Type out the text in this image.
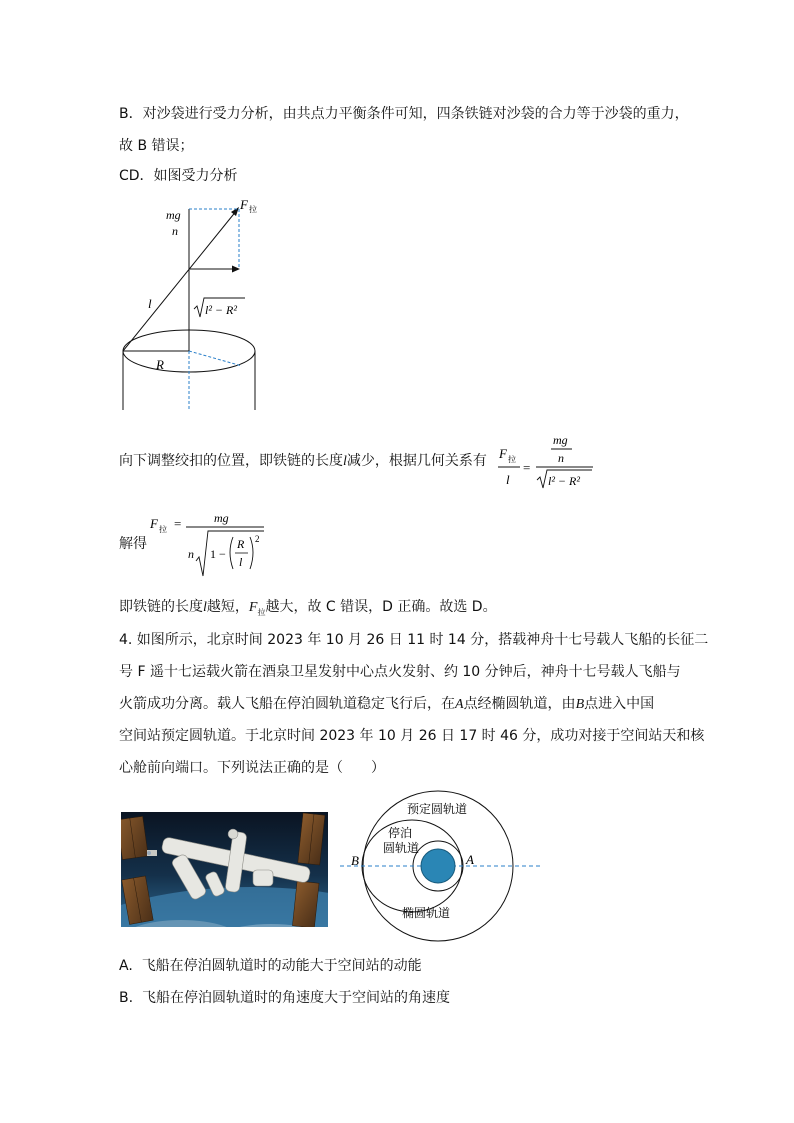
B．对沙袋进行受力分析，由共点力平衡条件可知，四条铁链对沙袋的合力等于沙袋的重力，
故 B 错误；
CD．如图受力分析
mg
n
F 拉
l	l² − R²
R
向下调整绞扣的位置，即铁链的长度l减少，根据几何关系有 F 拉
l
=
mg
n
l² − R²
解得
F 拉 =	mg
n 1 −
R
l
2
即铁链的长度l越短，$F_拉$越大，故 C 错误，D 正确。故选 D。
4. 如图所示，北京时间 2023 年 10 月 26 日 11 时 14 分，搭载神舟十七号载人飞船的长征二
号 F 遥十七运载火箭在酒泉卫星发射中心点火发射、约 10 分钟后，神舟十七号载人飞船与
火箭成功分离。载人飞船在停泊圆轨道稳定飞行后，在A点经椭圆轨道，由B点进入中国
空间站预定圆轨道。于北京时间 2023 年 10 月 26 日 17 时 46 分，成功对接于空间站天和核
心舱前向端口。下列说法正确的是（　　）
预定圆轨道
停泊
圆轨道
椭圆轨道
A
B
A. 飞船在停泊圆轨道时的动能大于空间站的动能
B. 飞船在停泊圆轨道时的角速度大于空间站的角速度
